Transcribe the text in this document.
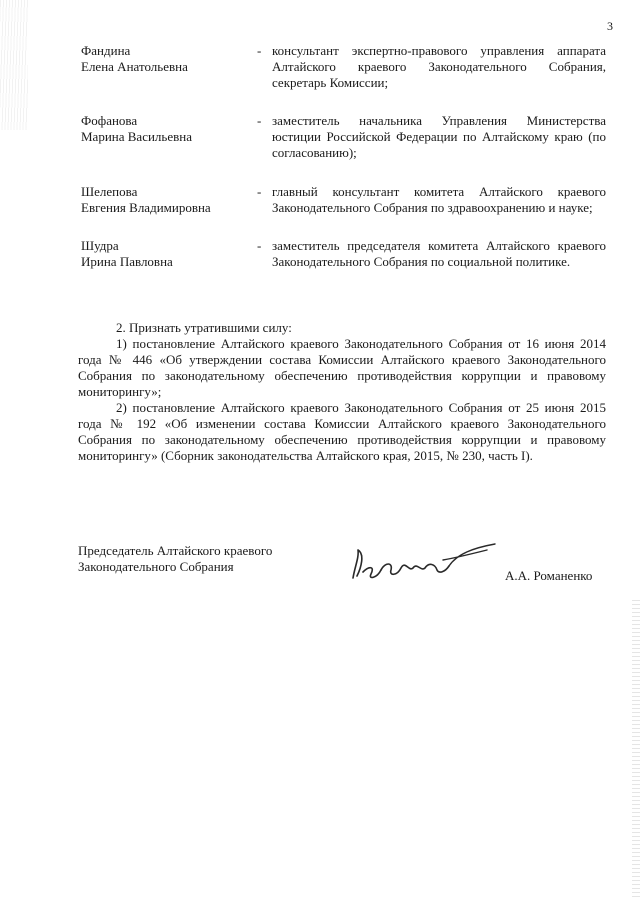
3
Фандина
Елена Анатольевна
- консультант экспертно-правового управления аппарата Алтайского краевого Законодательного Собрания, секретарь Комиссии;
Фофанова
Марина Васильевна
- заместитель начальника Управления Министерства юстиции Российской Федерации по Алтайскому краю (по согласованию);
Шелепова
Евгения Владимировна
- главный консультант комитета Алтайского краевого Законодательного Собрания по здравоохранению и науке;
Шудра
Ирина Павловна
- заместитель председателя комитета Алтайского краевого Законодательного Собрания по социальной политике.

2. Признать утратившими силу:

1) постановление Алтайского краевого Законодательного Собрания от 16 июня 2014 года № 446 «Об утверждении состава Комиссии Алтайского краевого Законодательного Собрания по законодательному обеспечению противодействия коррупции и правовому мониторингу»;

2) постановление Алтайского краевого Законодательного Собрания от 25 июня 2015 года № 192 «Об изменении состава Комиссии Алтайского краевого Законодательного Собрания по законодательному обеспечению противодействия коррупции и правовому мониторингу» (Сборник законодательства Алтайского края, 2015, № 230, часть I).

Председатель Алтайского краевого
Законодательного Собрания
А.А. Романенко
